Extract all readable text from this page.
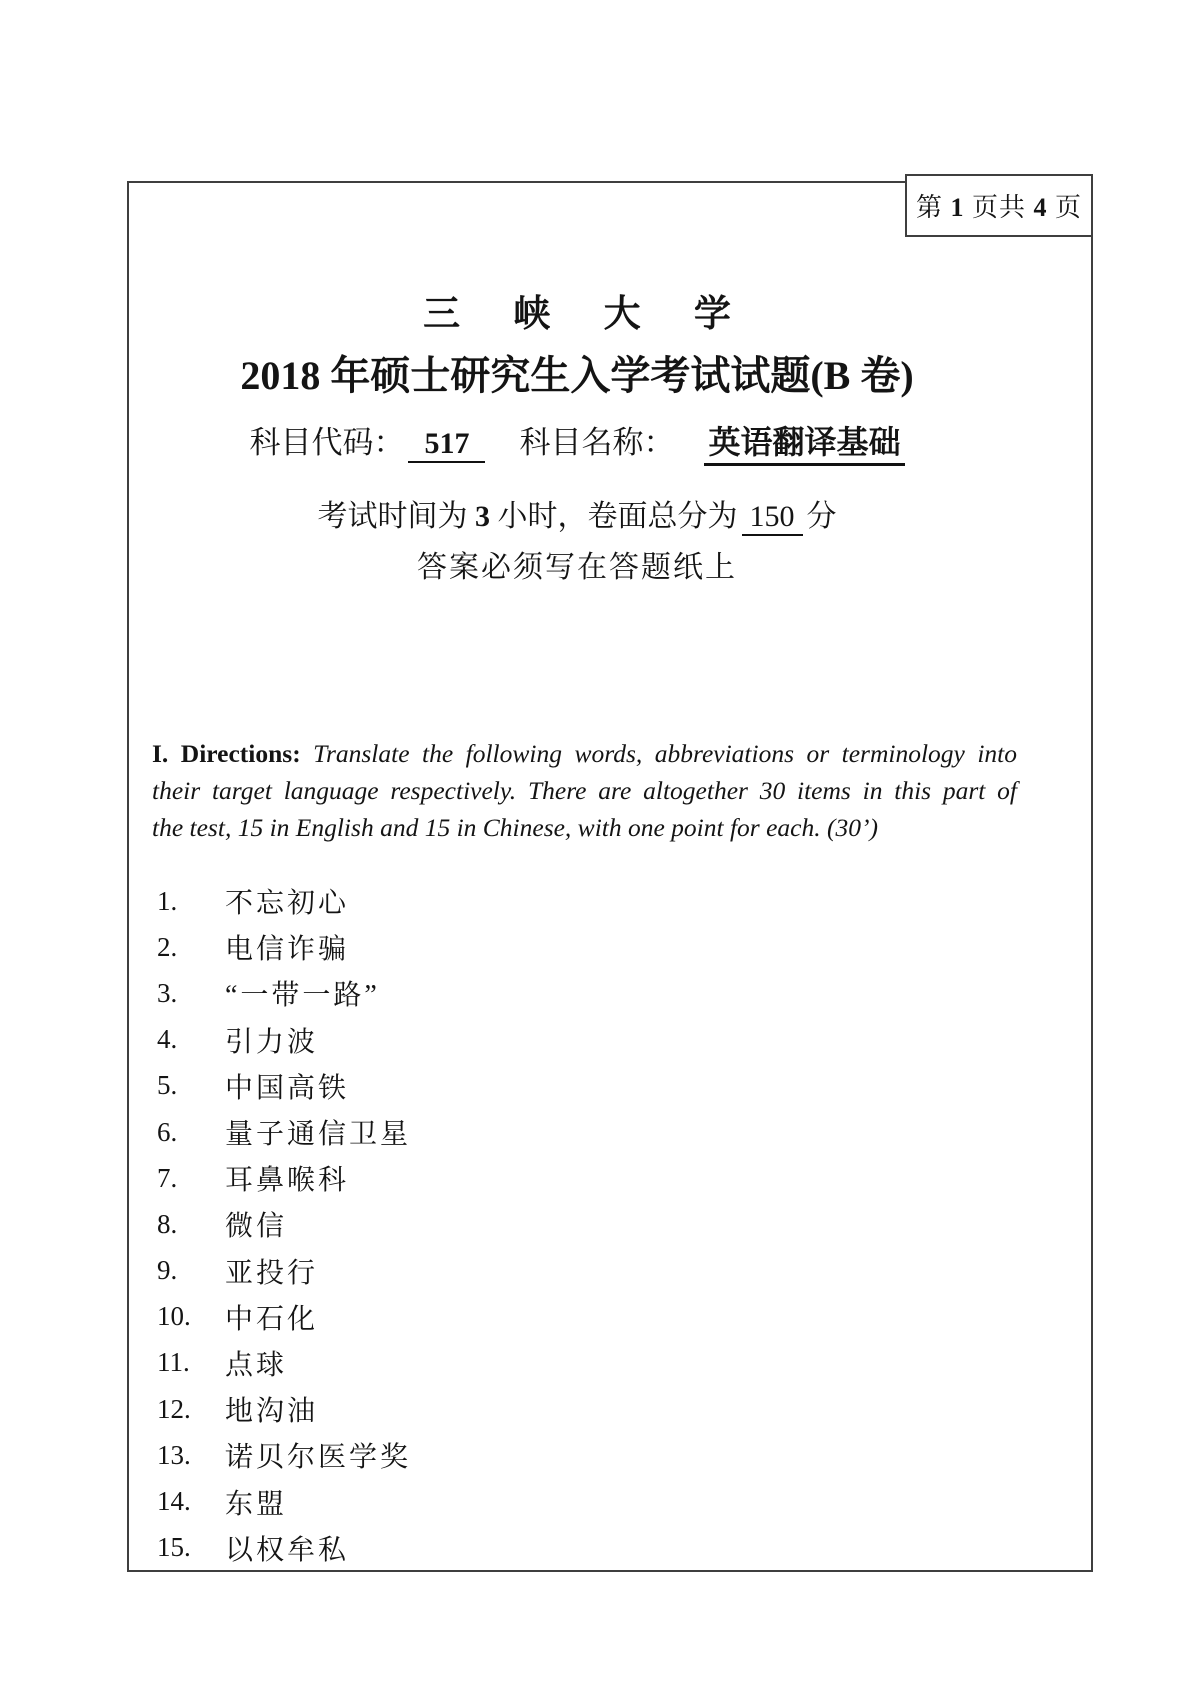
第 1 页共 4 页
三 峡 大 学
2018 年硕士研究生入学考试试题(B 卷)
科目代码： 517 科目名称： 英语翻译基础
考试时间为 3 小时，卷面总分为 150 分
答案必须写在答题纸上
I. Directions: Translate the following words, abbreviations or terminology into
their target language respectively. There are altogether 30 items in this part of
the test, 15 in English and 15 in Chinese, with one point for each. (30’)
1.	不忘初心
2.	电信诈骗
3.	“一带一路”
4.	引力波
5.	中国高铁
6.	量子通信卫星
7.	耳鼻喉科
8.	微信
9.	亚投行
10.	中石化
11.	点球
12.	地沟油
13.	诺贝尔医学奖
14.	东盟
15.	以权牟私
